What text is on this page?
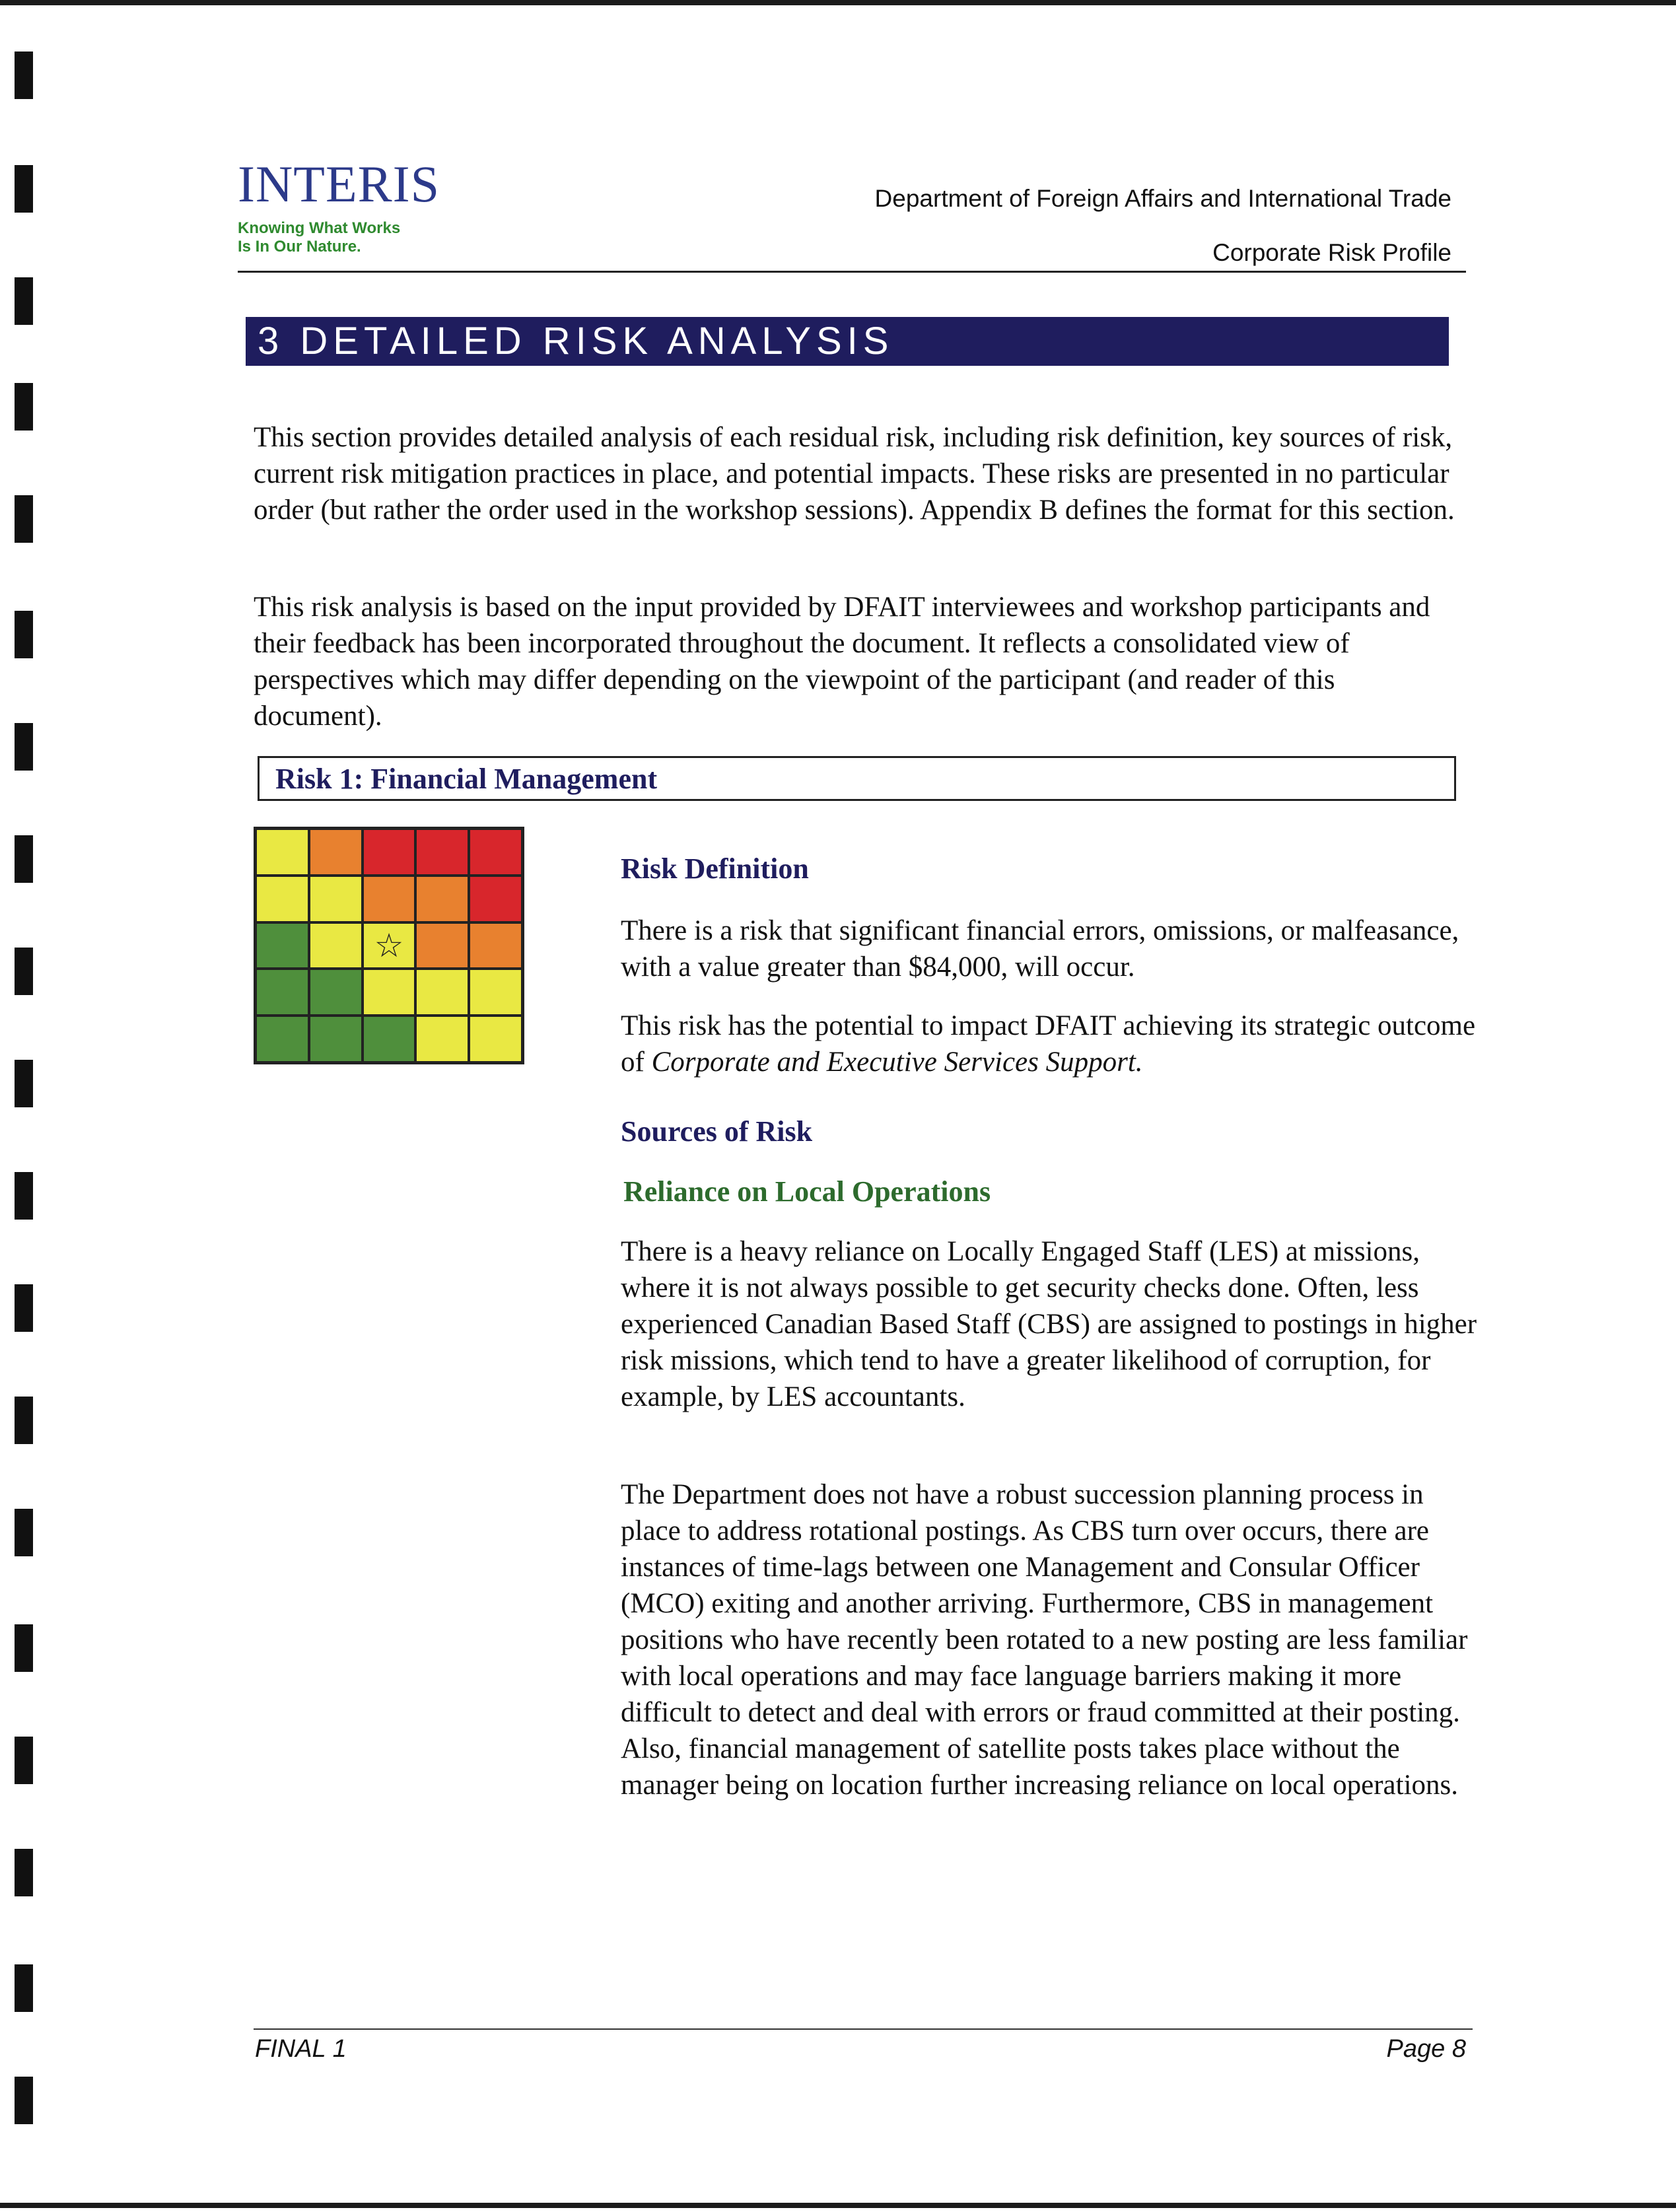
INTERIS
Knowing What Works
Is In Our Nature.
Department of Foreign Affairs and International Trade
Corporate Risk Profile
3 DETAILED RISK ANALYSIS
This section provides detailed analysis of each residual risk, including risk definition, key sources of risk, current risk mitigation practices in place, and potential impacts. These risks are presented in no particular order (but rather the order used in the workshop sessions). Appendix B defines the format for this section.
This risk analysis is based on the input provided by DFAIT interviewees and workshop participants and their feedback has been incorporated throughout the document. It reflects a consolidated view of perspectives which may differ depending on the viewpoint of the participant (and reader of this document).
Risk 1: Financial Management
☆
Risk Definition
There is a risk that significant financial errors, omissions, or malfeasance, with a value greater than $84,000, will occur.
This risk has the potential to impact DFAIT achieving its strategic outcome of Corporate and Executive Services Support.
Sources of Risk
Reliance on Local Operations
There is a heavy reliance on Locally Engaged Staff (LES) at missions, where it is not always possible to get security checks done. Often, less experienced Canadian Based Staff (CBS) are assigned to postings in higher risk missions, which tend to have a greater likelihood of corruption, for example, by LES accountants.
The Department does not have a robust succession planning process in place to address rotational postings. As CBS turn over occurs, there are instances of time-lags between one Management and Consular Officer (MCO) exiting and another arriving. Furthermore, CBS in management positions who have recently been rotated to a new posting are less familiar with local operations and may face language barriers making it more difficult to detect and deal with errors or fraud committed at their posting. Also, financial management of satellite posts takes place without the manager being on location further increasing reliance on local operations.
FINAL 1	Page 8
